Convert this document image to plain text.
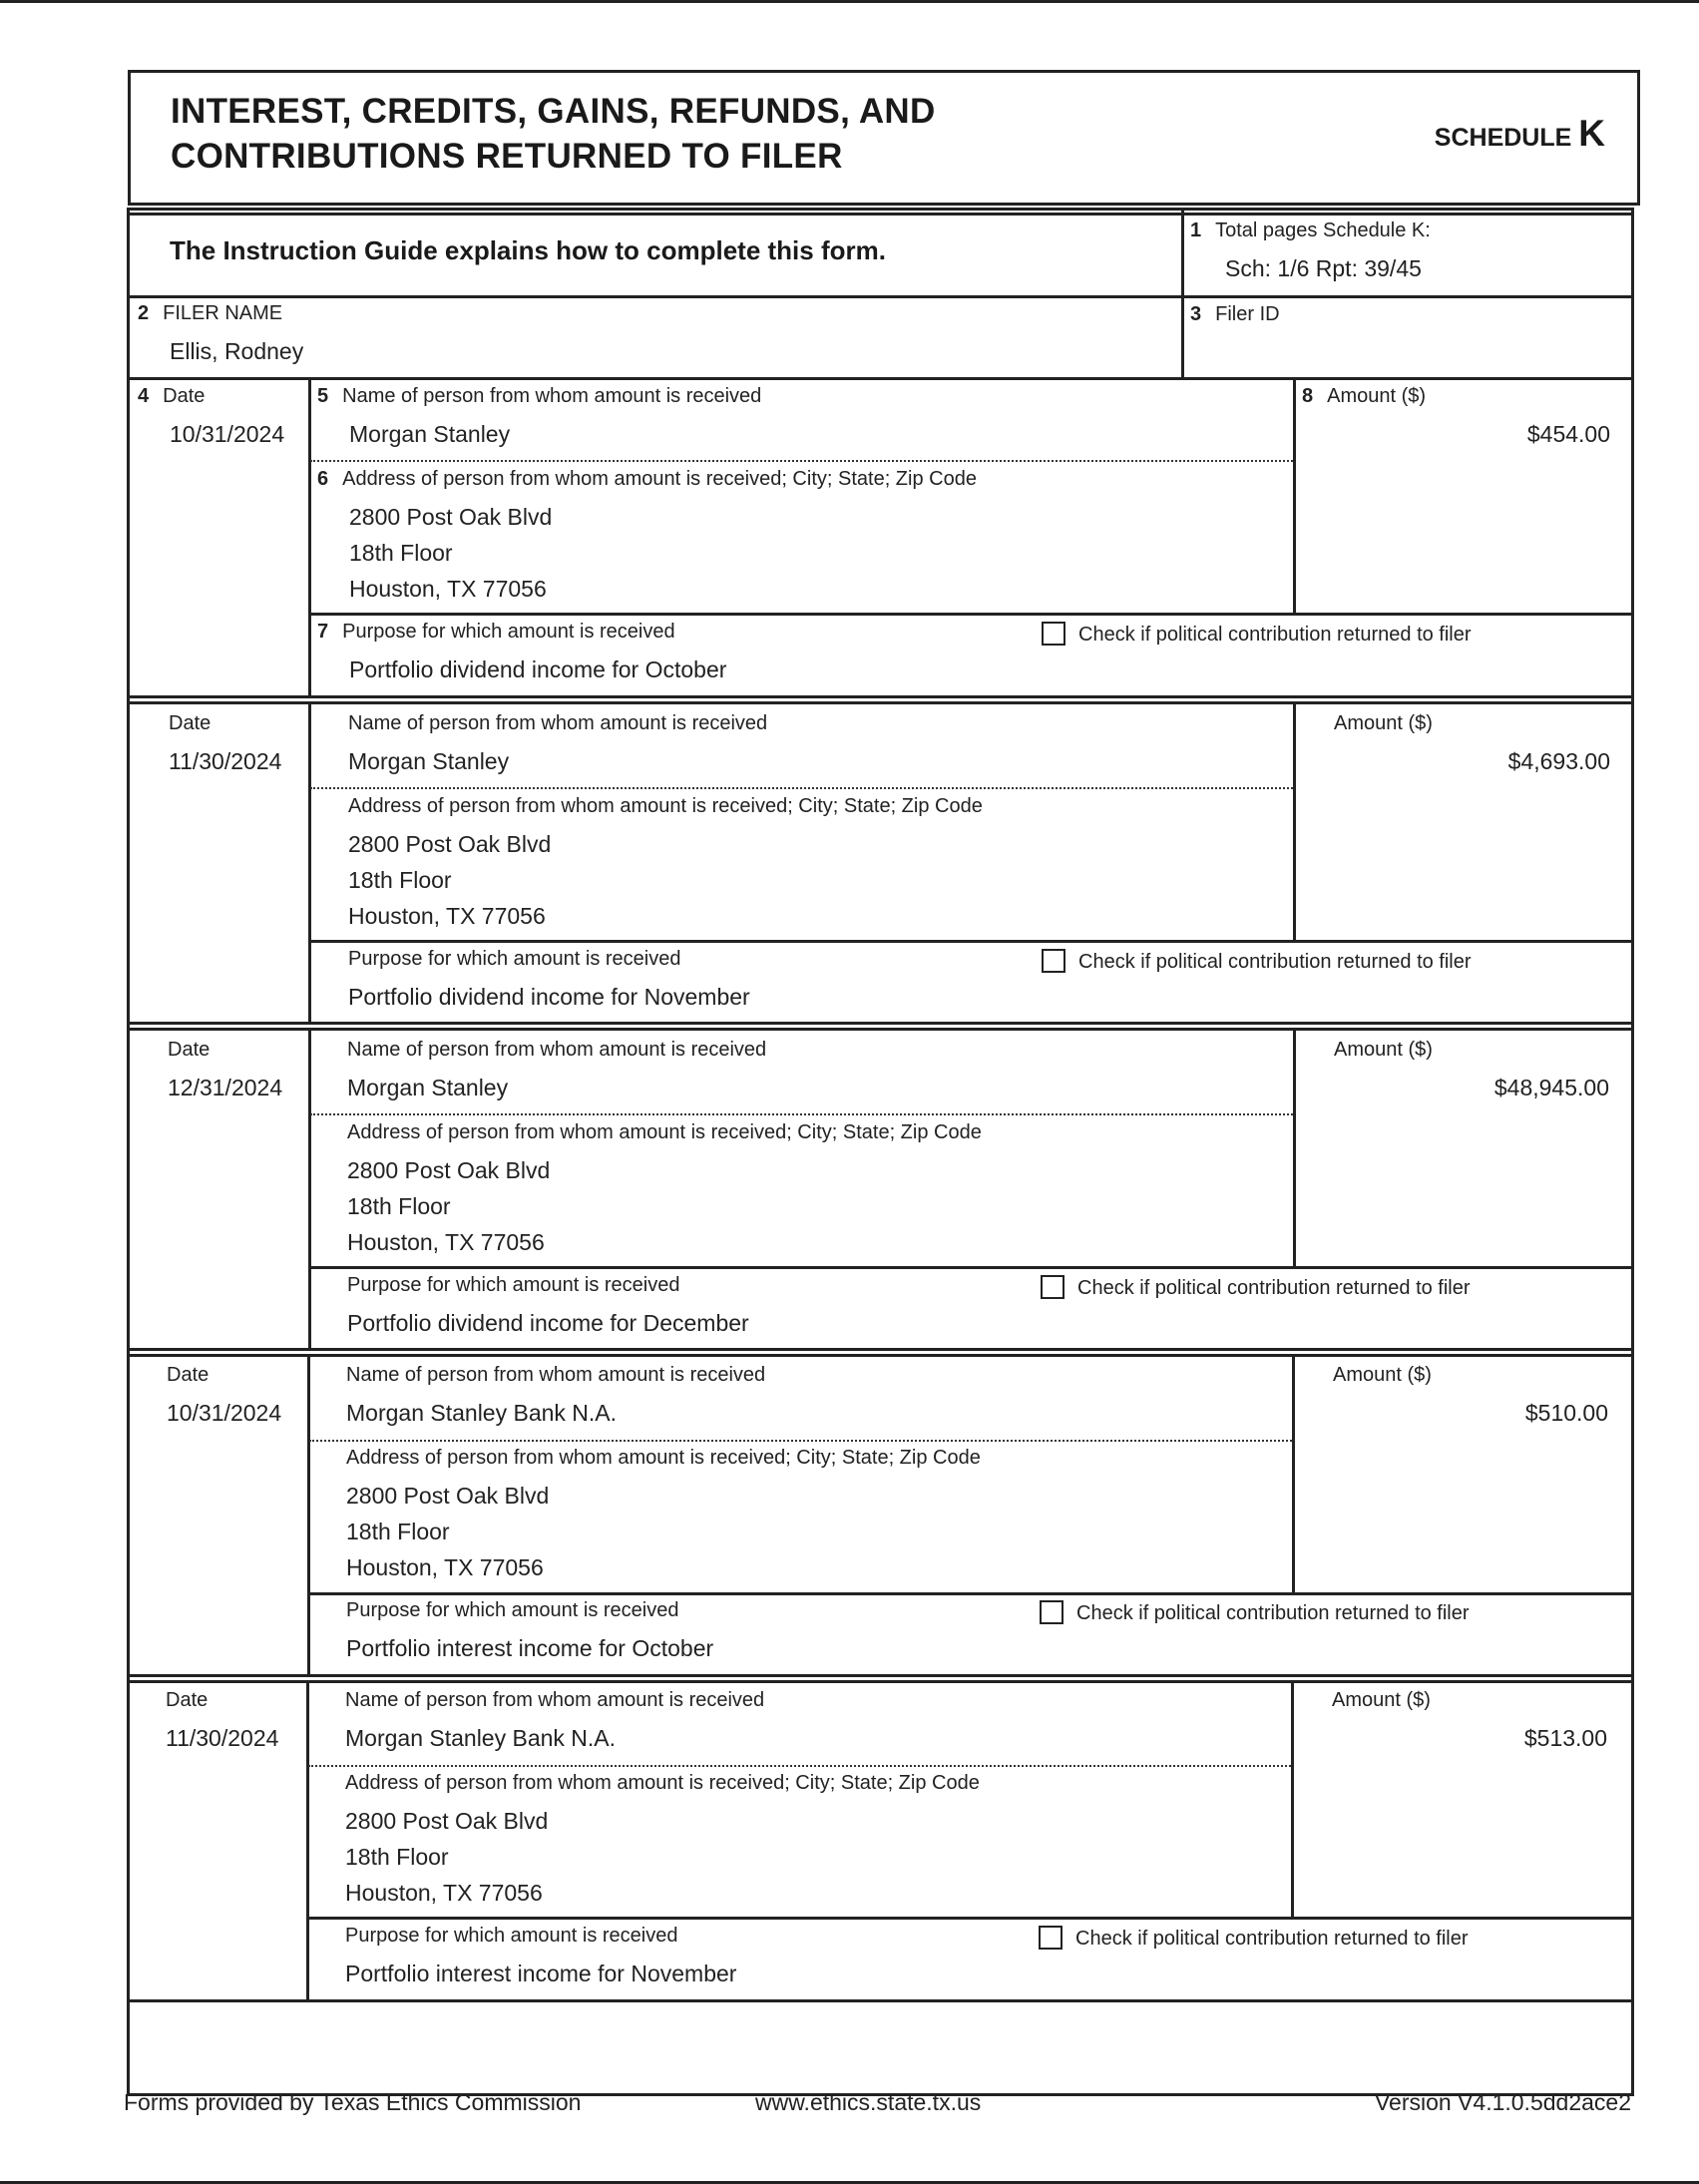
INTEREST, CREDITS, GAINS, REFUNDS, AND
CONTRIBUTIONS RETURNED TO FILER	SCHEDULE K
The Instruction Guide explains how to complete this form.
1 Total pages Schedule K:
Sch: 1/6 Rpt: 39/45
2 FILER NAME
Ellis, Rodney
3 Filer ID
4 Date
10/31/2024
5 Name of person from whom amount is received
Morgan Stanley
6 Address of person from whom amount is received; City; State; Zip Code
2800 Post Oak Blvd
18th Floor
Houston, TX 77056
7 Purpose for which amount is received
Portfolio dividend income for October
Check if political contribution returned to filer
8 Amount ($)
$454.00
Date
11/30/2024
Name of person from whom amount is received
Morgan Stanley
Address of person from whom amount is received; City; State; Zip Code
2800 Post Oak Blvd
18th Floor
Houston, TX 77056
Purpose for which amount is received
Portfolio dividend income for November
Check if political contribution returned to filer
Amount ($)
$4,693.00
Date
12/31/2024
Name of person from whom amount is received
Morgan Stanley
Address of person from whom amount is received; City; State; Zip Code
2800 Post Oak Blvd
18th Floor
Houston, TX 77056
Purpose for which amount is received
Portfolio dividend income for December
Check if political contribution returned to filer
Amount ($)
$48,945.00
Date
10/31/2024
Name of person from whom amount is received
Morgan Stanley Bank N.A.
Address of person from whom amount is received; City; State; Zip Code
2800 Post Oak Blvd
18th Floor
Houston, TX 77056
Purpose for which amount is received
Portfolio interest income for October
Check if political contribution returned to filer
Amount ($)
$510.00
Date
11/30/2024
Name of person from whom amount is received
Morgan Stanley Bank N.A.
Address of person from whom amount is received; City; State; Zip Code
2800 Post Oak Blvd
18th Floor
Houston, TX 77056
Purpose for which amount is received
Portfolio interest income for November
Check if political contribution returned to filer
Amount ($)
$513.00
Forms provided by Texas Ethics Commission	www.ethics.state.tx.us	Version V4.1.0.5dd2ace2
